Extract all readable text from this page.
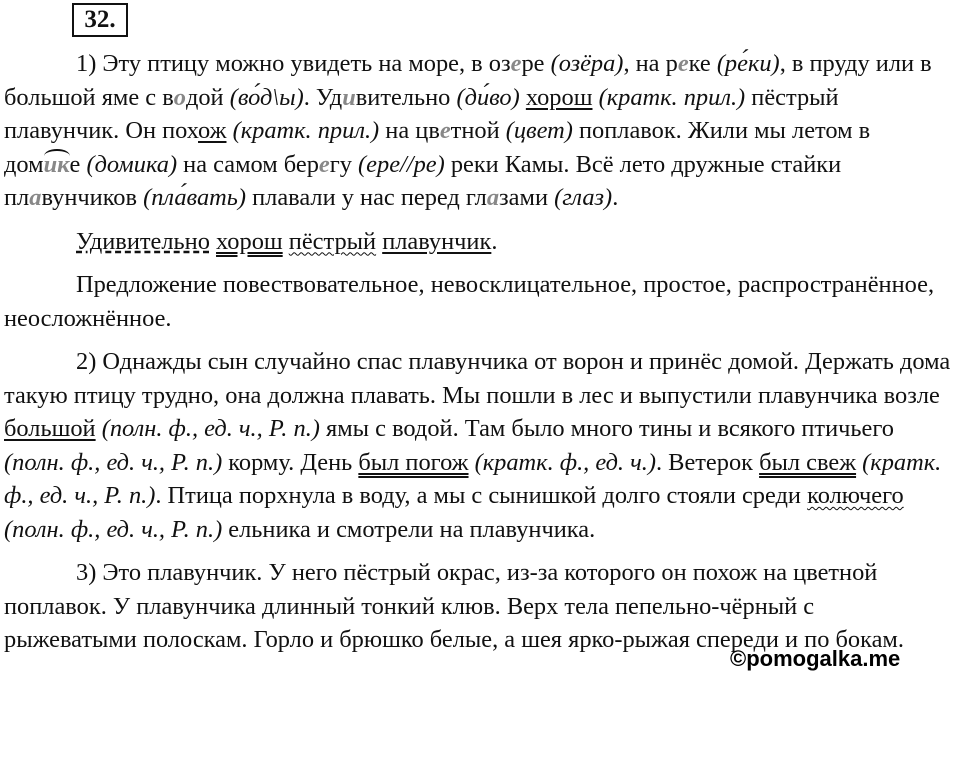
32.

1) Эту птицу можно увидеть на море, в озере (озёра), на реке (ре́ки), в пруду или в большой яме с водой (во́д\ы). Удивительно (ди́во) хорош (кратк. прил.) пёстрый плавунчик. Он похож (кратк. прил.) на цветной (цвет) поплавок. Жили мы летом в домике (домика) на самом берегу (ере//ре) реки Камы. Всё лето дружные стайки плавунчиков (пла́вать) плавали у нас перед глазами (глаз).

Удивительно хорош пёстрый плавунчик.

Предложение повествовательное, невосклицательное, простое, распространённое, неосложнённое.

2) Однажды сын случайно спас плавунчика от ворон и принёс домой. Держать дома такую птицу трудно, она должна плавать. Мы пошли в лес и выпустили плавунчика возле большой (полн. ф., ед. ч., Р. п.) ямы с водой. Там было много тины и всякого птичьего (полн. ф., ед. ч., Р. п.) корму. День был погож (кратк. ф., ед. ч.). Ветерок был свеж (кратк. ф., ед. ч., Р. п.). Птица порхнула в воду, а мы с сынишкой долго стояли среди колючего (полн. ф., ед. ч., Р. п.) ельника и смотрели на плавунчика.

3) Это плавунчик. У него пёстрый окрас, из-за которого он похож на цветной поплавок. У плавунчика длинный тонкий клюв. Верх тела пепельно-чёрный с рыжеватыми полоскам. Горло и брюшко белые, а шея ярко-рыжая спереди и по бокам.

©pomogalka.me
